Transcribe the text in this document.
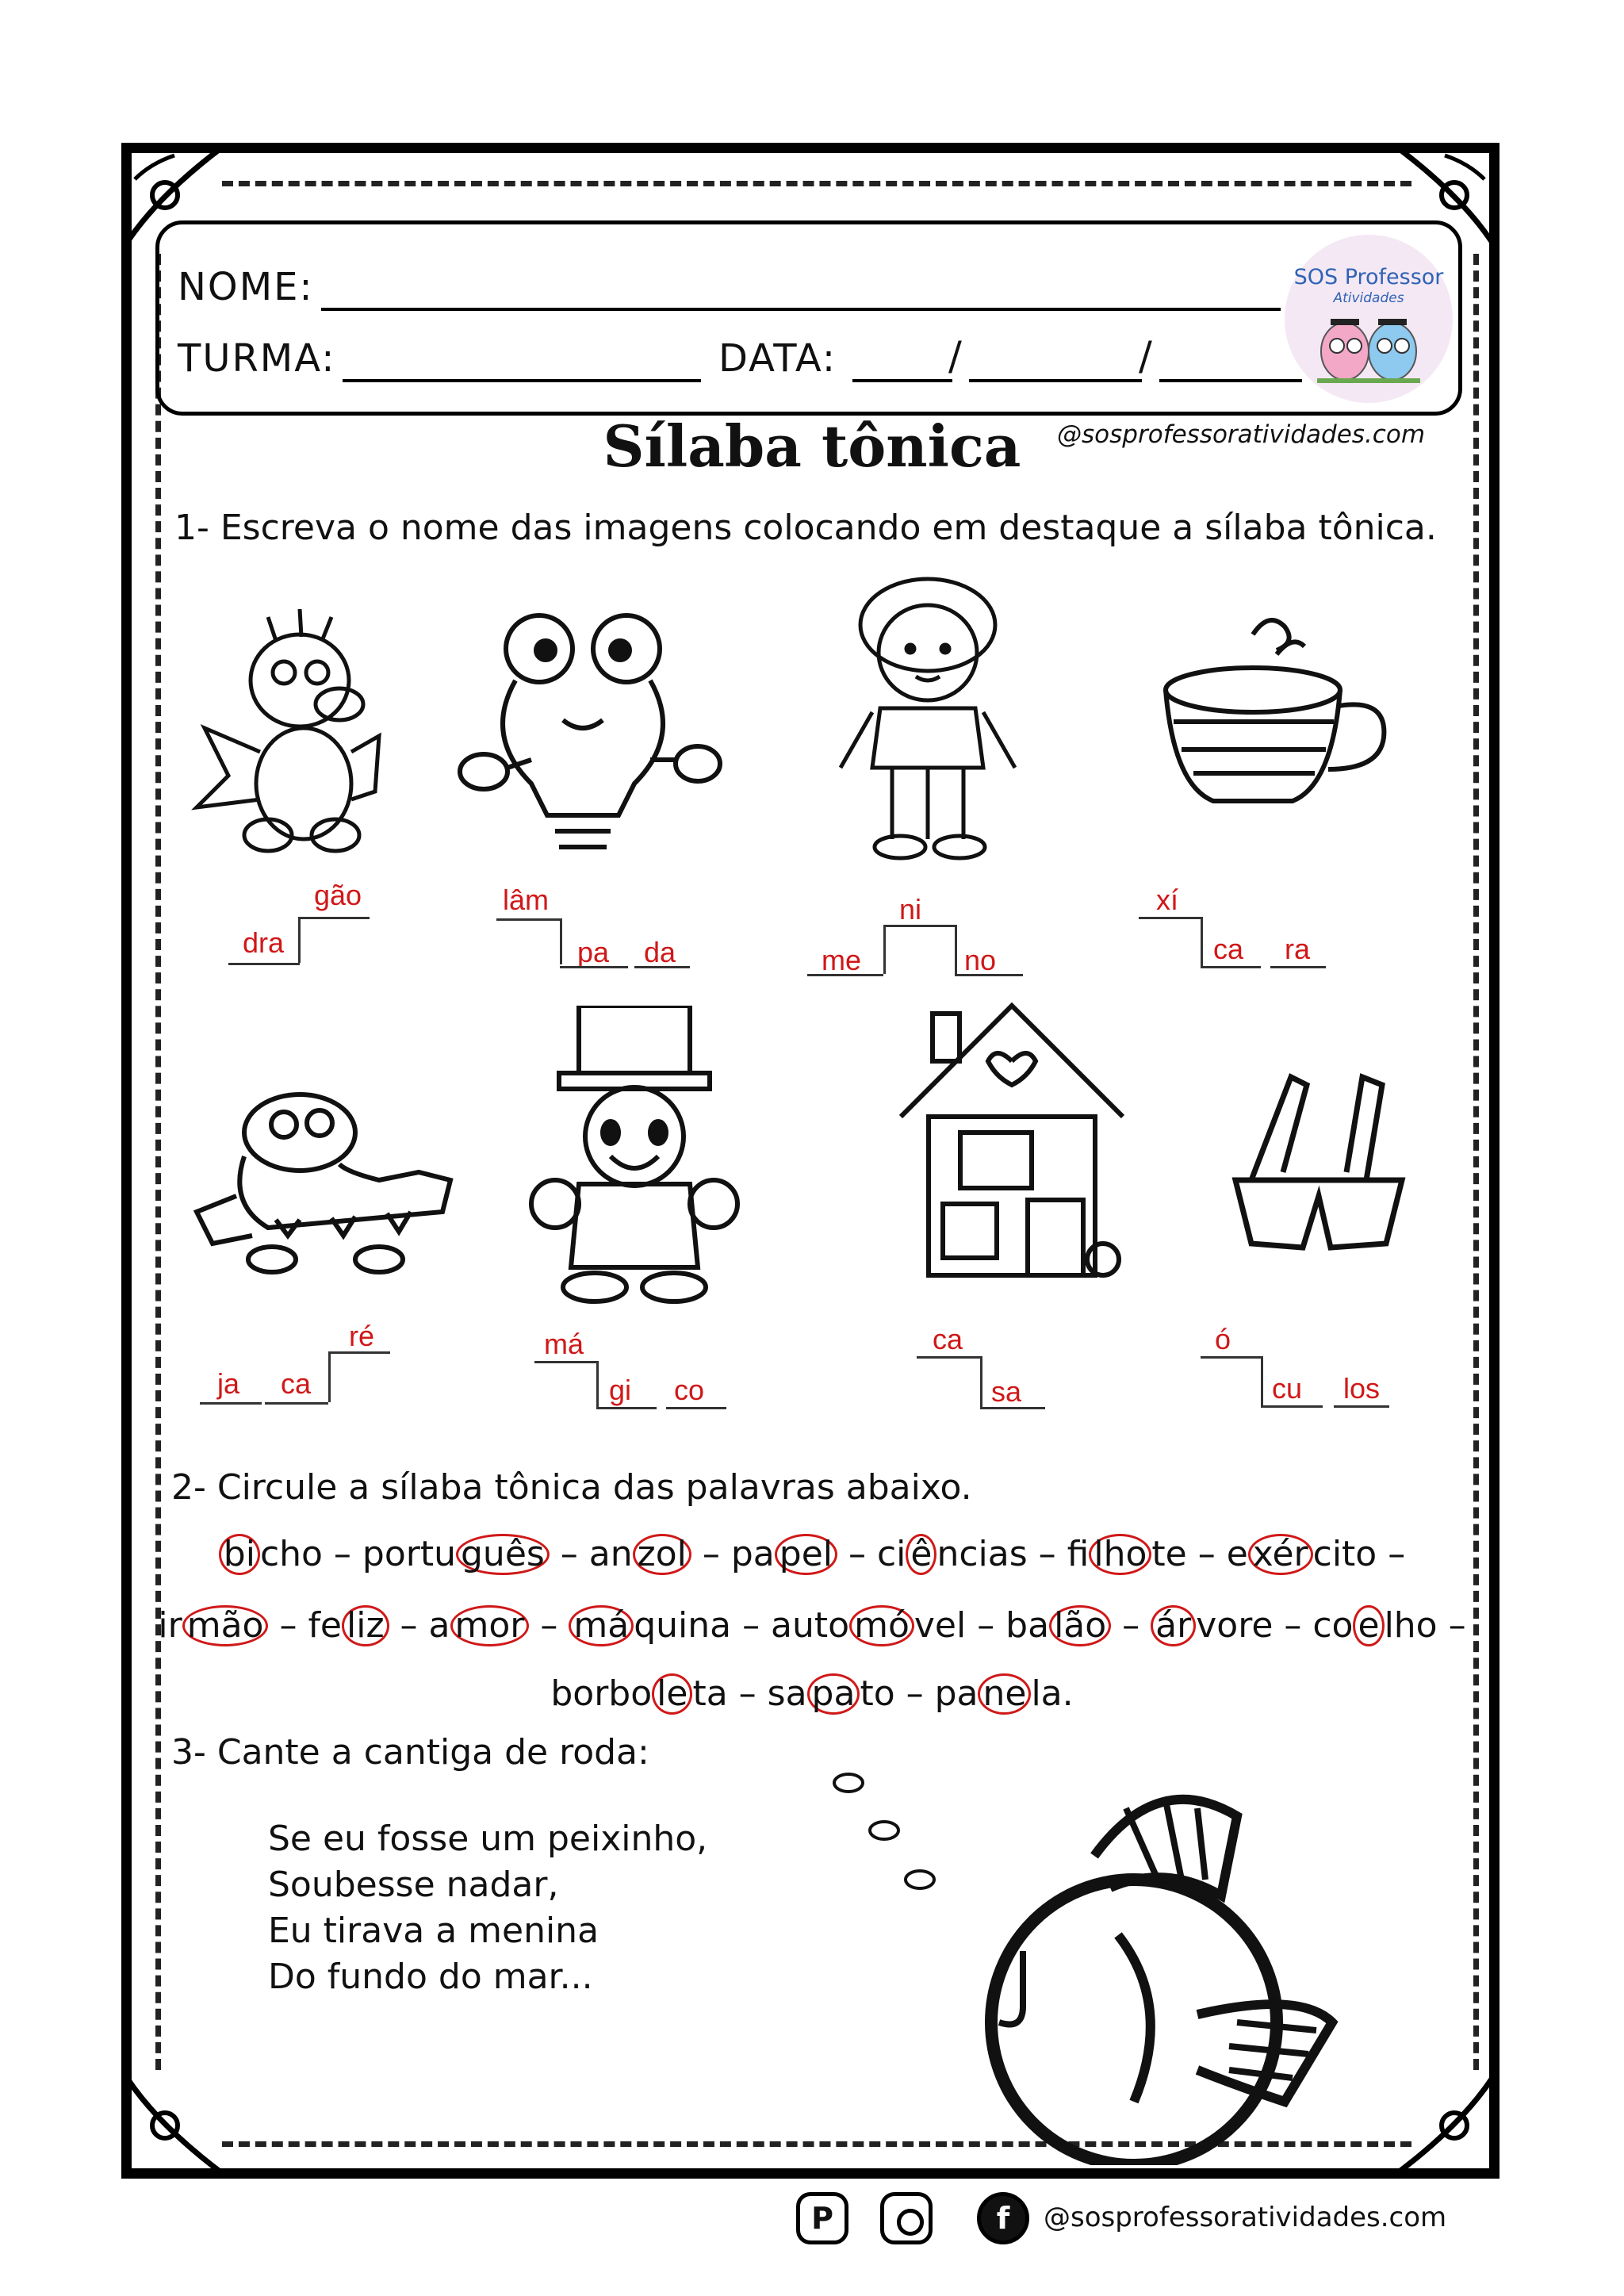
NOME:
TURMA:	DATA:	/	/
SOS Professor
Atividades
@sosprofessoratividades.com
Sílaba tônica
1- Escreva o nome das imagens colocando em destaque a sílaba tônica.
dra
gão	lâm
pa da	me
ni
no
xí
ca ra
ja ca
ré	má
gi co
ca
sa
ó
cu los
2- Circule a sílaba tônica das palavras abaixo.
bi cho – portu guês – an zol – pa pel – ci ê ncias – fi lho te – e xér cito –
ir mão – fe liz – a mor – má quina – auto mó vel – ba lão – ár vore – co e lho –
borbo le ta – sa pa to – pa ne la.
3- Cante a cantiga de roda:
Se eu fosse um peixinho,
Soubesse nadar,
Eu tirava a menina
Do fundo do mar...
P	f	@sosprofessoratividades.com
